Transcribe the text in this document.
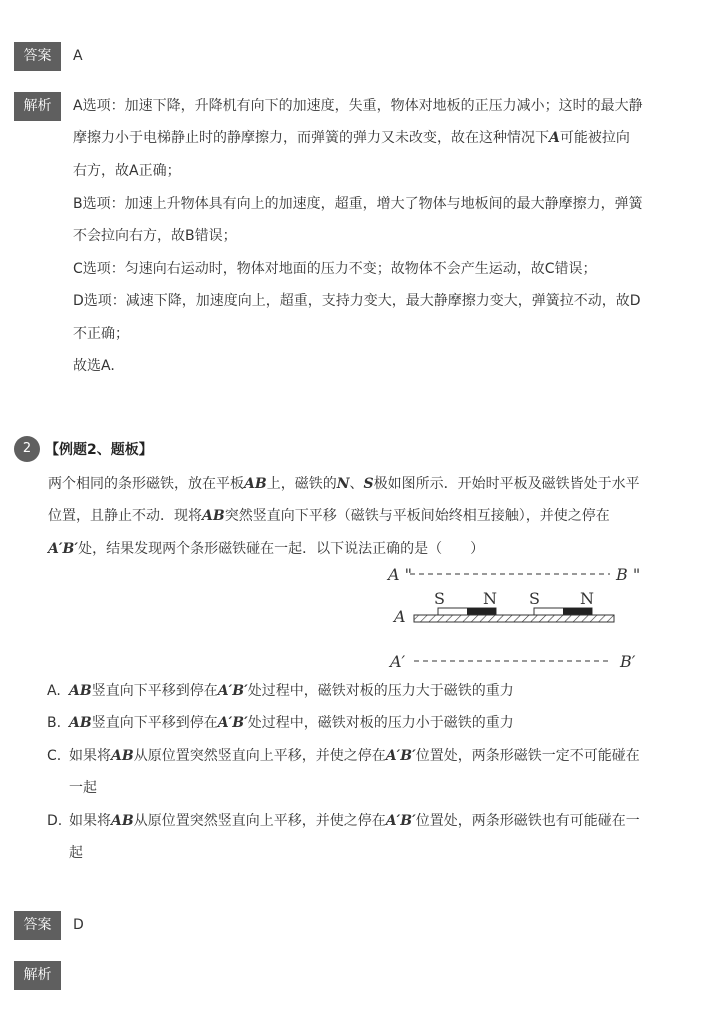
答案	A
解析	A选项：加速下降，升降机有向下的加速度，失重，物体对地板的正压力减小；这时的最大静
摩擦力小于电梯静止时的静摩擦力，而弹簧的弹力又未改变，故在这种情况下A可能被拉向
右方，故A正确；
B选项：加速上升物体具有向上的加速度，超重，增大了物体与地板间的最大静摩擦力，弹簧
不会拉向右方，故B错误；
C选项：匀速向右运动时，物体对地面的压力不变；故物体不会产生运动，故C错误；
D选项：减速下降，加速度向上，超重，支持力变大，最大静摩擦力变大，弹簧拉不动，故D
不正确；
故选A.
2 【例题2、题板】
两个相同的条形磁铁，放在平板AB上，磁铁的N、S极如图所示．开始时平板及磁铁皆处于水平
位置，且静止不动．现将AB突然竖直向下平移（磁铁与平板间始终相互接触），并使之停在
A′B′处，结果发现两个条形磁铁碰在一起．以下说法正确的是（　　）
A "	B "
S N S	N
A
A′	B′
A. AB竖直向下平移到停在A′B′处过程中，磁铁对板的压力大于磁铁的重力
B. AB竖直向下平移到停在A′B′处过程中，磁铁对板的压力小于磁铁的重力
C. 如果将AB从原位置突然竖直向上平移，并使之停在A′B′位置处，两条形磁铁一定不可能碰在
一起
D. 如果将AB从原位置突然竖直向上平移，并使之停在A′B′位置处，两条形磁铁也有可能碰在一
起
答案	D
解析
